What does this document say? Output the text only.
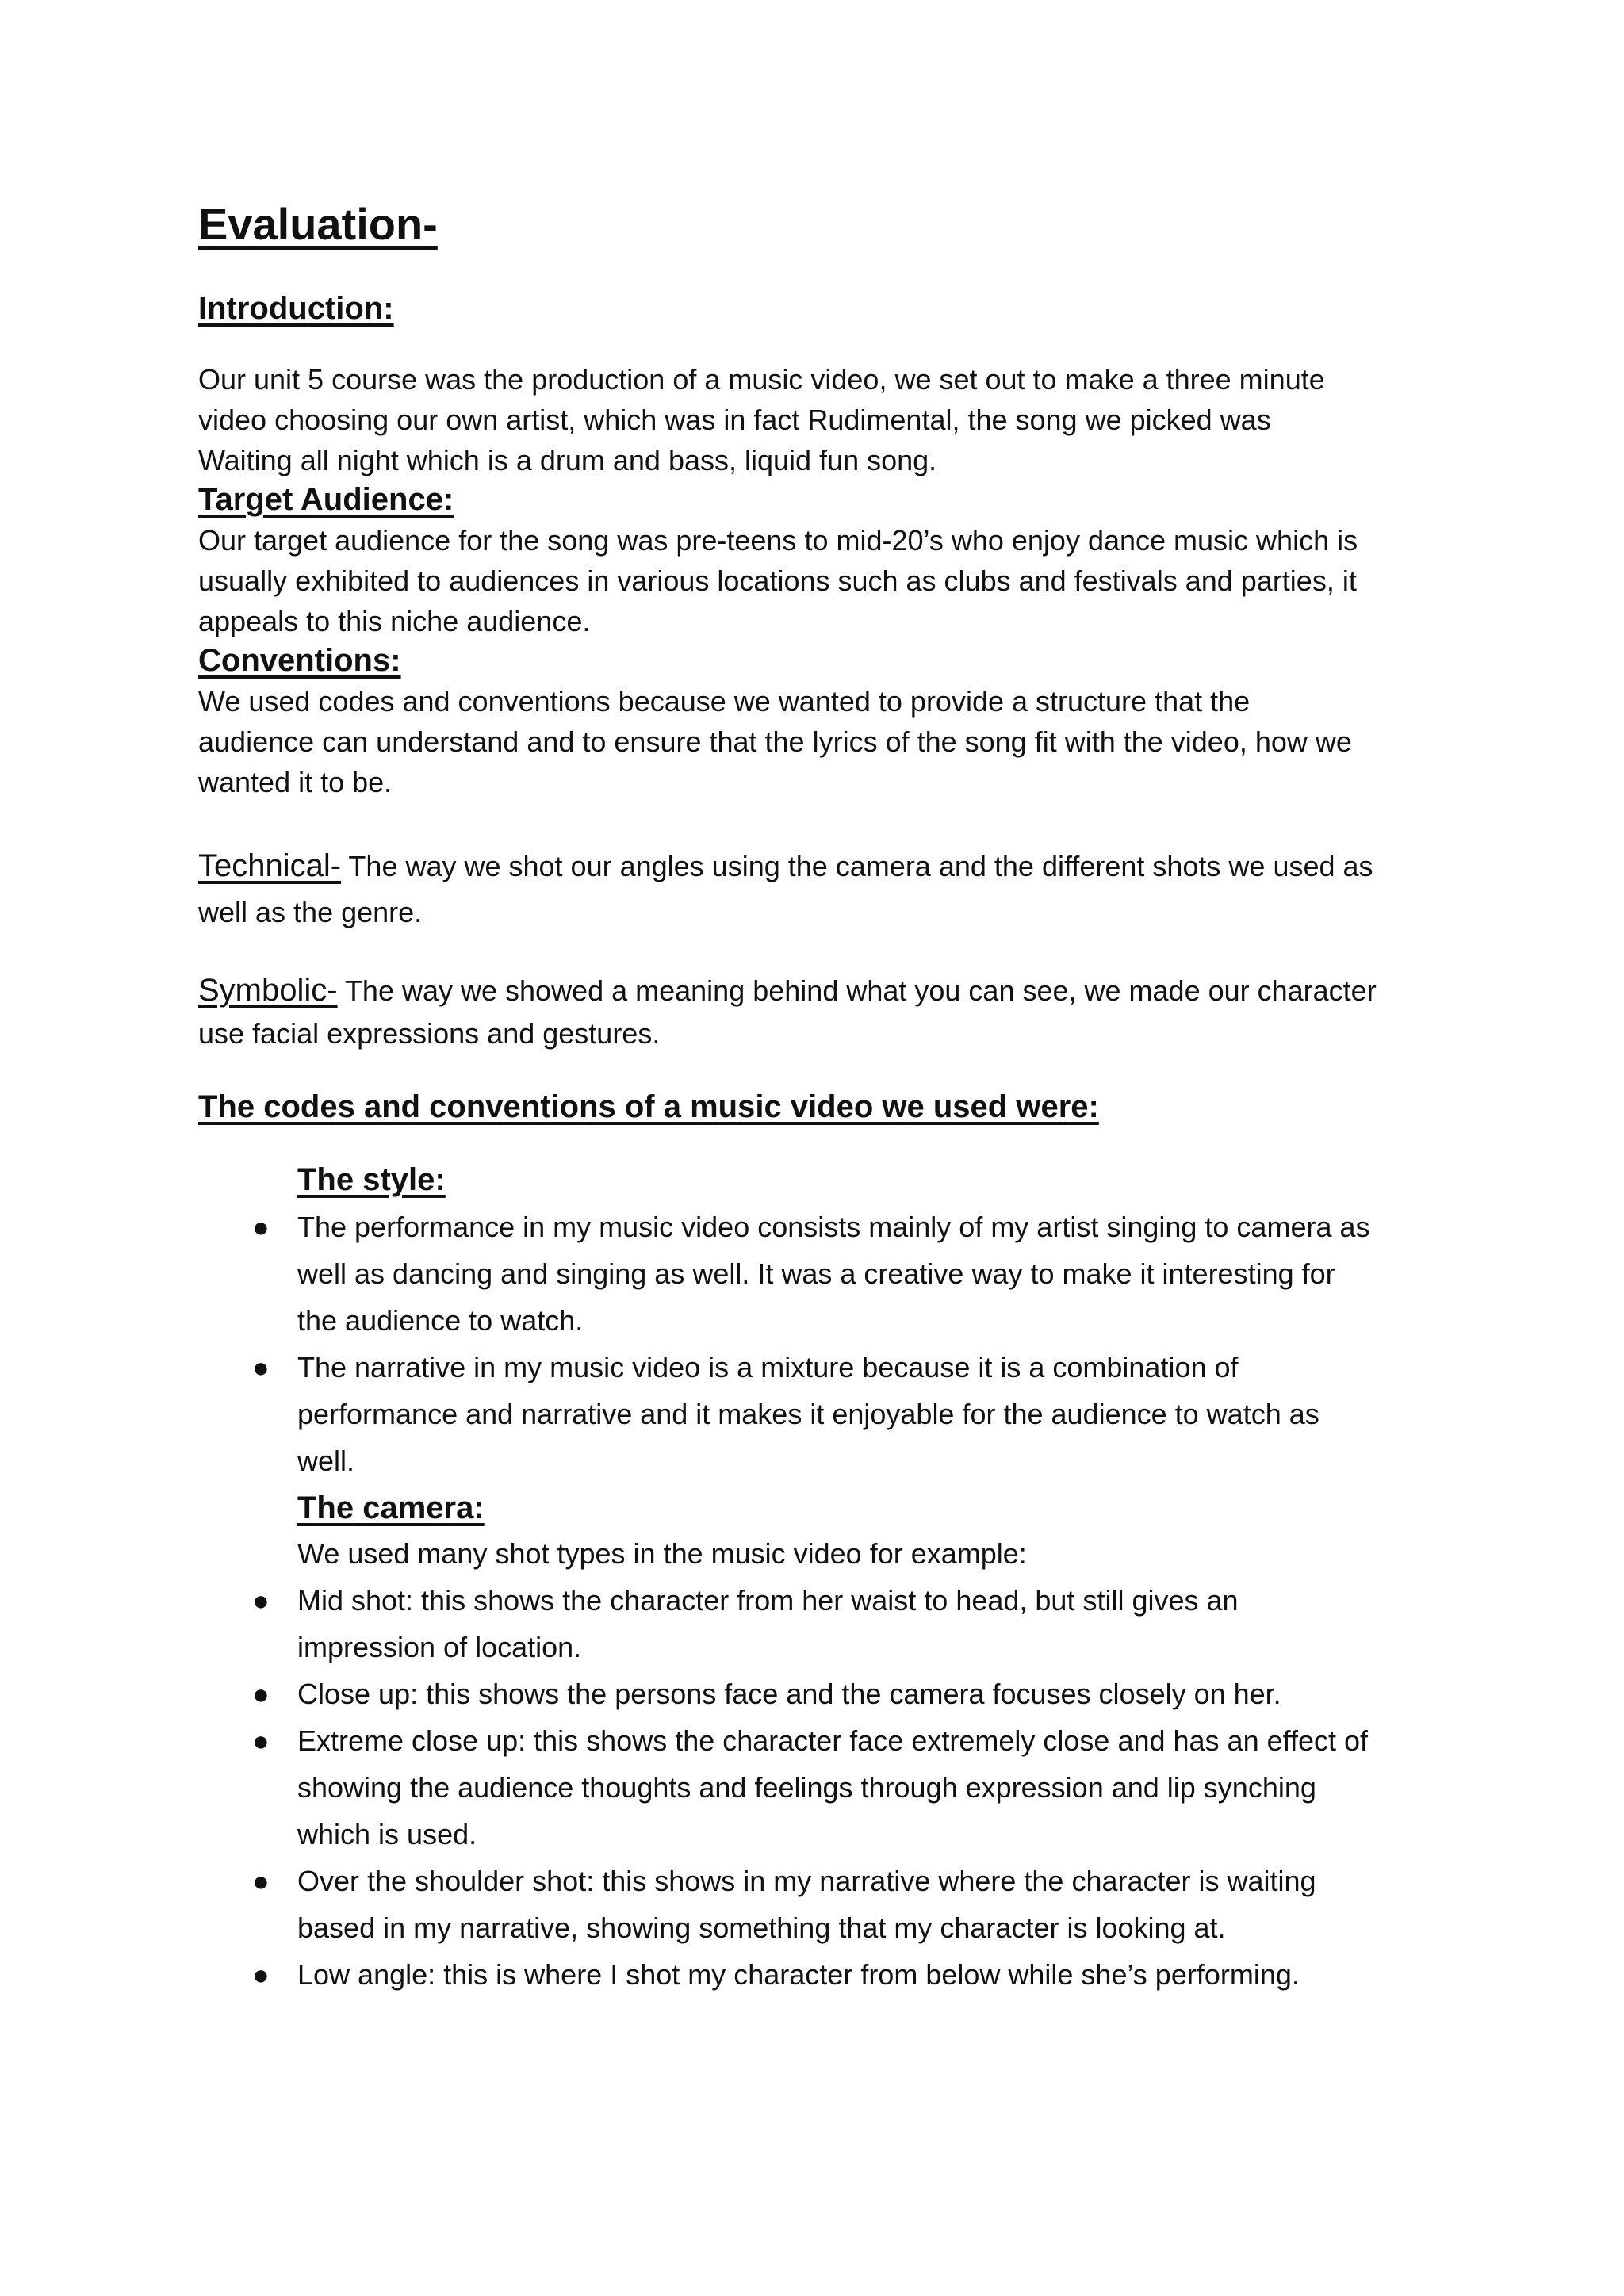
Evaluation-
Introduction:

Our unit 5 course was the production of a music video, we set out to make a three minute

video choosing our own artist, which was in fact Rudimental, the song we picked was

Waiting all night which is a drum and bass, liquid fun song.

Target Audience:

Our target audience for the song was pre-teens to mid-20’s who enjoy dance music which is

usually exhibited to audiences in various locations such as clubs and festivals and parties, it

appeals to this niche audience.

Conventions:

We used codes and conventions because we wanted to provide a structure that the

audience can understand and to ensure that the lyrics of the song fit with the video, how we

wanted it to be.

Technical- The way we shot our angles using the camera and the different shots we used as

well as the genre.

Symbolic- The way we showed a meaning behind what you can see, we made our character

use facial expressions and gestures.

The codes and conventions of a music video we used were:
The style:
● The performance in my music video consists mainly of my artist singing to camera as
well as dancing and singing as well. It was a creative way to make it interesting for
the audience to watch.
● The narrative in my music video is a mixture because it is a combination of
performance and narrative and it makes it enjoyable for the audience to watch as
well.
The camera:
We used many shot types in the music video for example:
● Mid shot: this shows the character from her waist to head, but still gives an
impression of location.
● Close up: this shows the persons face and the camera focuses closely on her.
● Extreme close up: this shows the character face extremely close and has an effect of
showing the audience thoughts and feelings through expression and lip synching
which is used.
● Over the shoulder shot: this shows in my narrative where the character is waiting
based in my narrative, showing something that my character is looking at.
● Low angle: this is where I shot my character from below while she’s performing.
